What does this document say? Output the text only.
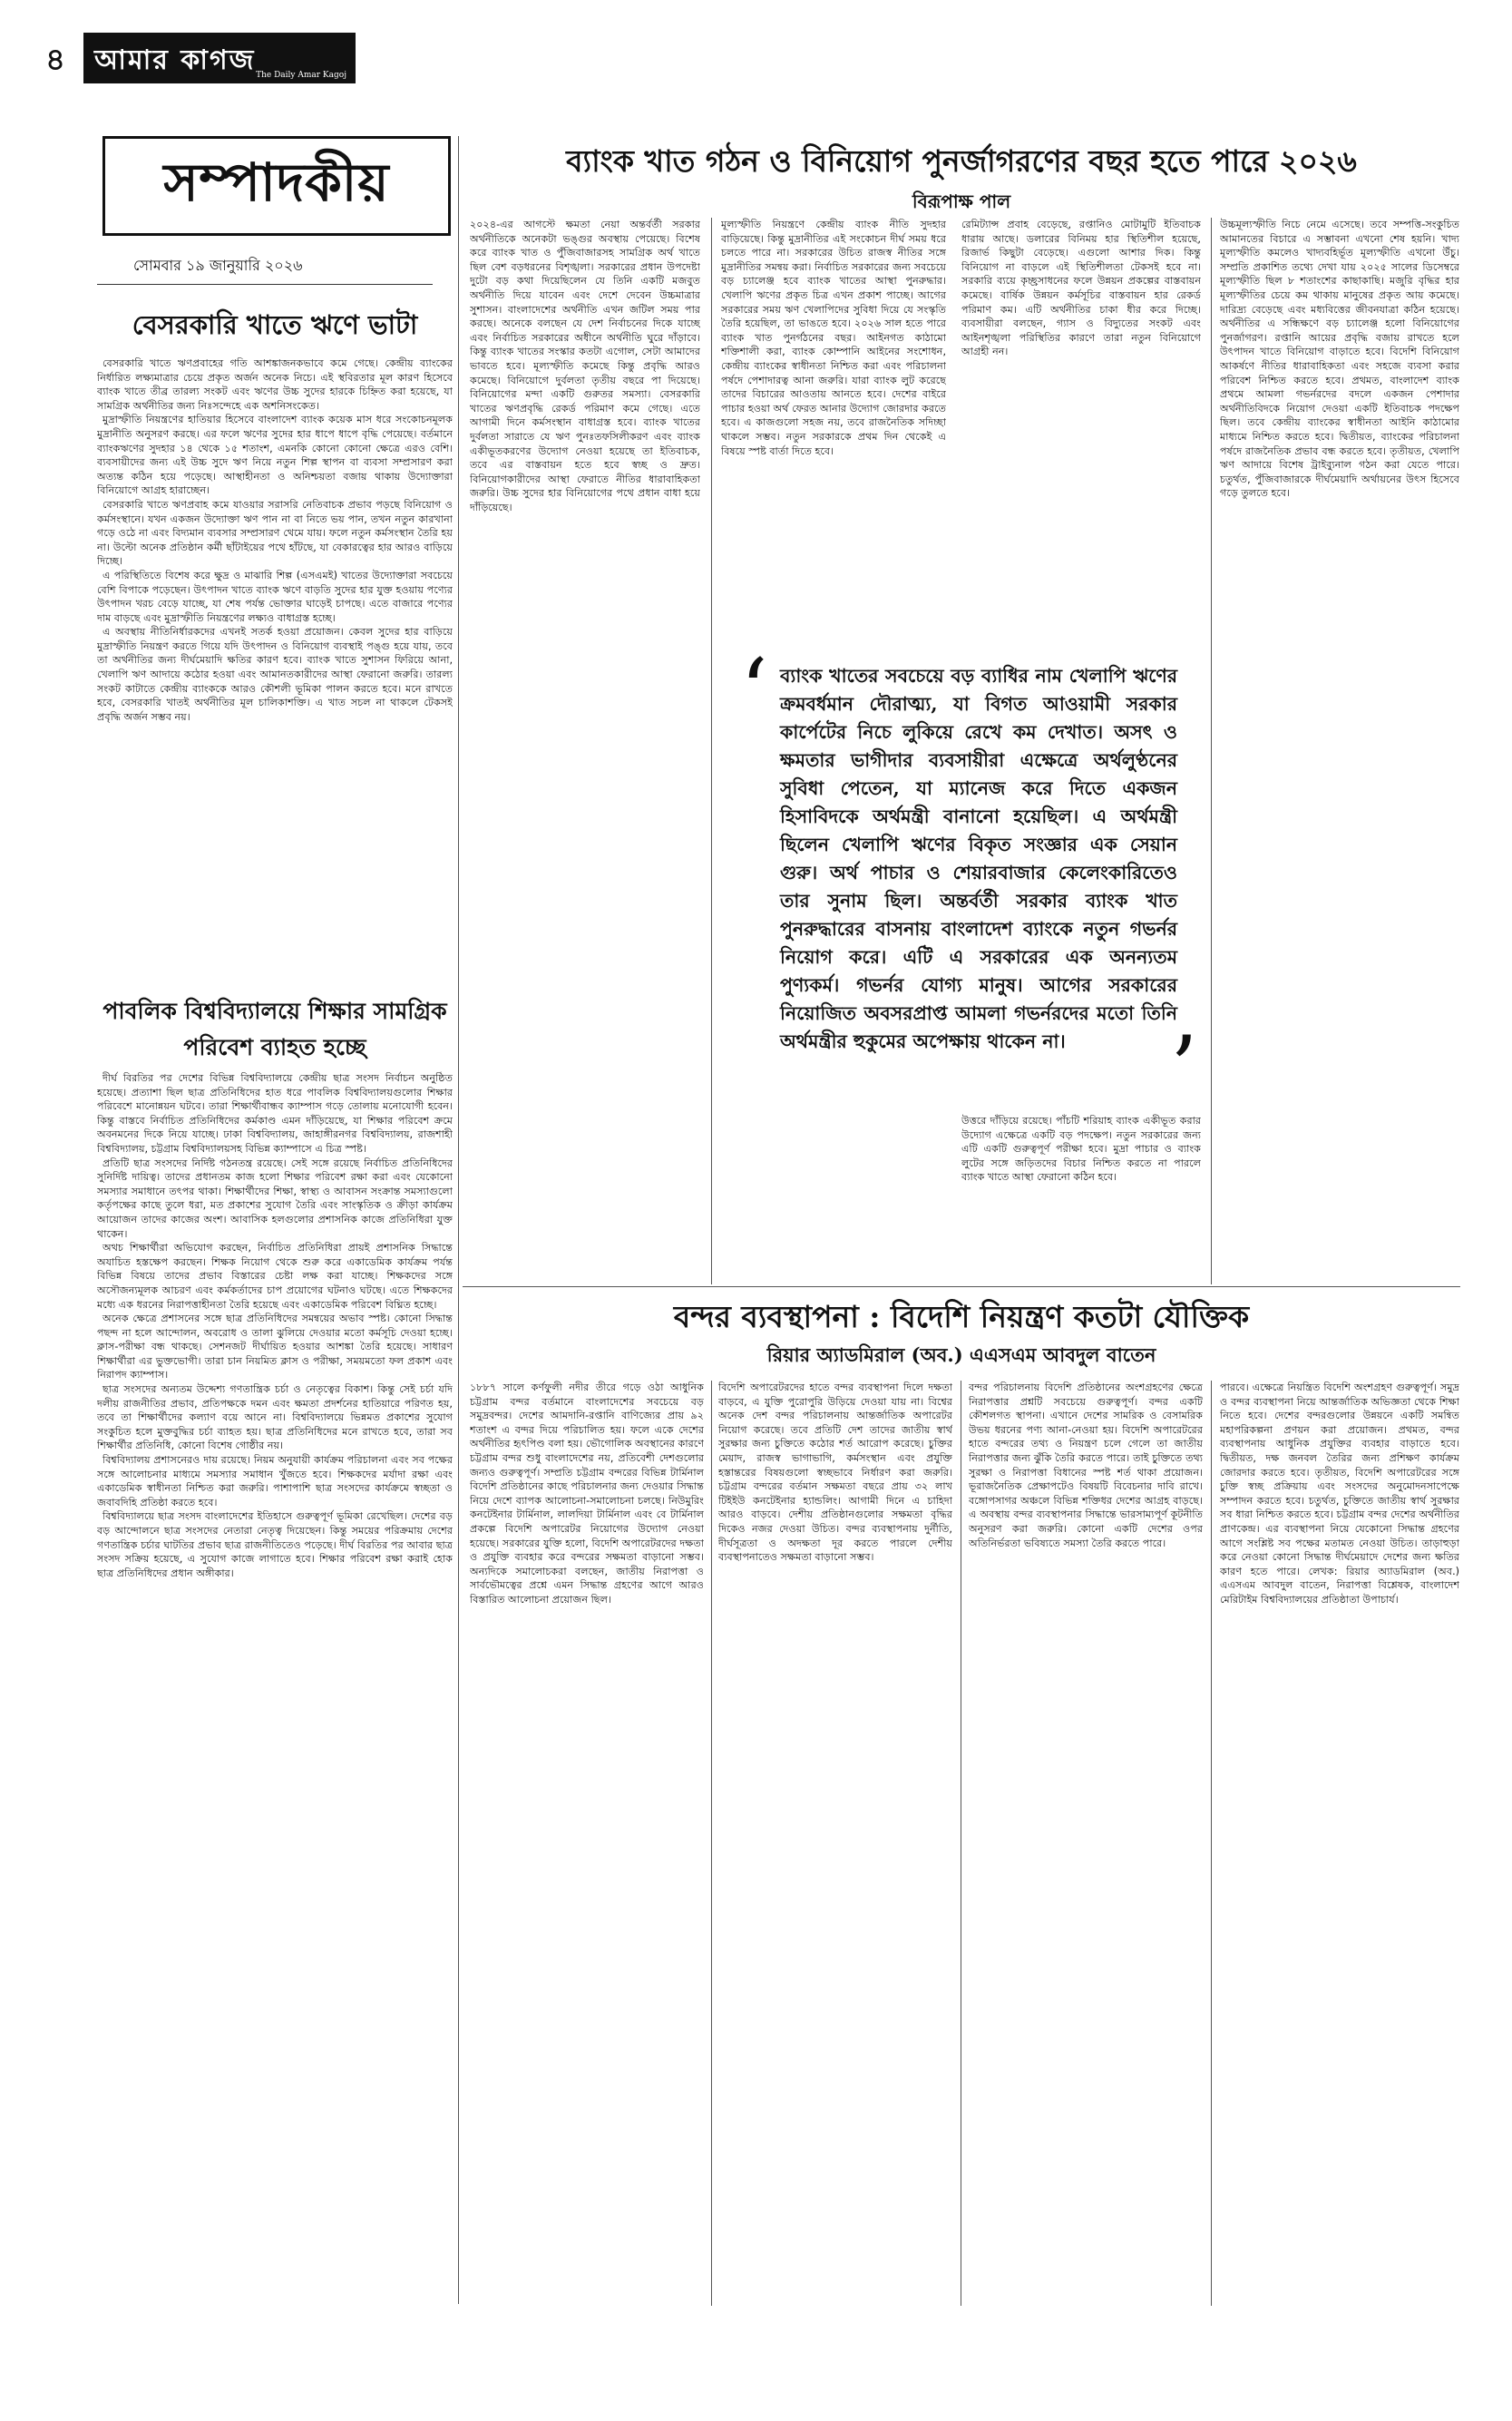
৪ আমার কাগজ The Daily Amar Kagoj
সম্পাদকীয়
সোমবার ১৯ জানুয়ারি ২০২৬
বেসরকারি খাতে ঋণে ভাটা

বেসরকারি খাতে ঋণপ্রবাহের গতি আশঙ্কাজনকভাবে কমে গেছে। কেন্দ্রীয় ব্যাংকের নির্ধারিত লক্ষ্যমাত্রার চেয়ে প্রকৃত অর্জন অনেক নিচে। এই স্থবিরতার মূল কারণ হিসেবে ব্যাংক খাতে তীব্র তারল্য সংকট এবং ঋণের উচ্চ সুদের হারকে চিহ্নিত করা হয়েছে, যা সামগ্রিক অর্থনীতির জন্য নিঃসন্দেহে এক অশনিসংকেত।

মুদ্রাস্ফীতি নিয়ন্ত্রণের হাতিয়ার হিসেবে বাংলাদেশ ব্যাংক কয়েক মাস ধরে সংকোচনমূলক মুদ্রানীতি অনুসরণ করছে। এর ফলে ঋণের সুদের হার ধাপে ধাপে বৃদ্ধি পেয়েছে। বর্তমানে ব্যাংকঋণের সুদহার ১৪ থেকে ১৫ শতাংশ, এমনকি কোনো কোনো ক্ষেত্রে এরও বেশি। ব্যবসায়ীদের জন্য এই উচ্চ সুদে ঋণ নিয়ে নতুন শিল্প স্থাপন বা ব্যবসা সম্প্রসারণ করা অত্যন্ত কঠিন হয়ে পড়েছে। আস্থাহীনতা ও অনিশ্চয়তা বজায় থাকায় উদ্যোক্তারা বিনিয়োগে আগ্রহ হারাচ্ছেন।

বেসরকারি খাতে ঋণপ্রবাহ কমে যাওয়ার সরাসরি নেতিবাচক প্রভাব পড়ছে বিনিয়োগ ও কর্মসংস্থানে। যখন একজন উদ্যোক্তা ঋণ পান না বা নিতে ভয় পান, তখন নতুন কারখানা গড়ে ওঠে না এবং বিদ্যমান ব্যবসার সম্প্রসারণ থেমে যায়। ফলে নতুন কর্মসংস্থান তৈরি হয় না। উল্টো অনেক প্রতিষ্ঠান কর্মী ছাঁটাইয়ের পথে হাঁটছে, যা বেকারত্বের হার আরও বাড়িয়ে দিচ্ছে।

এ পরিস্থিতিতে বিশেষ করে ক্ষুদ্র ও মাঝারি শিল্প (এসএমই) খাতের উদ্যোক্তারা সবচেয়ে বেশি বিপাকে পড়েছেন। উৎপাদন খাতে ব্যাংক ঋণে বাড়তি সুদের হার যুক্ত হওয়ায় পণ্যের উৎপাদন খরচ বেড়ে যাচ্ছে, যা শেষ পর্যন্ত ভোক্তার ঘাড়েই চাপছে। এতে বাজারে পণ্যের দাম বাড়ছে এবং মুদ্রাস্ফীতি নিয়ন্ত্রণের লক্ষ্যও বাধাগ্রস্ত হচ্ছে।

এ অবস্থায় নীতিনির্ধারকদের এখনই সতর্ক হওয়া প্রয়োজন। কেবল সুদের হার বাড়িয়ে মুদ্রাস্ফীতি নিয়ন্ত্রণ করতে গিয়ে যদি উৎপাদন ও বিনিয়োগ ব্যবস্থাই পঙ্গু হয়ে যায়, তবে তা অর্থনীতির জন্য দীর্ঘমেয়াদি ক্ষতির কারণ হবে। ব্যাংক খাতে সুশাসন ফিরিয়ে আনা, খেলাপি ঋণ আদায়ে কঠোর হওয়া এবং আমানতকারীদের আস্থা ফেরানো জরুরি। তারল্য সংকট কাটাতে কেন্দ্রীয় ব্যাংককে আরও কৌশলী ভূমিকা পালন করতে হবে। মনে রাখতে হবে, বেসরকারি খাতই অর্থনীতির মূল চালিকাশক্তি। এ খাত সচল না থাকলে টেকসই প্রবৃদ্ধি অর্জন সম্ভব নয়।

পাবলিক বিশ্ববিদ্যালয়ে শিক্ষার সামগ্রিক পরিবেশ ব্যাহত হচ্ছে

দীর্ঘ বিরতির পর দেশের বিভিন্ন বিশ্ববিদ্যালয়ে কেন্দ্রীয় ছাত্র সংসদ নির্বাচন অনুষ্ঠিত হয়েছে। প্রত্যাশা ছিল ছাত্র প্রতিনিধিদের হাত ধরে পাবলিক বিশ্ববিদ্যালয়গুলোর শিক্ষার পরিবেশে মানোন্নয়ন ঘটবে। তারা শিক্ষার্থীবান্ধব ক্যাম্পাস গড়ে তোলায় মনোযোগী হবেন। কিন্তু বাস্তবে নির্বাচিত প্রতিনিধিদের কর্মকাণ্ড এমন দাঁড়িয়েছে, যা শিক্ষার পরিবেশ ক্রমে অবনমনের দিকে নিয়ে যাচ্ছে। ঢাকা বিশ্ববিদ্যালয়, জাহাঙ্গীরনগর বিশ্ববিদ্যালয়, রাজশাহী বিশ্ববিদ্যালয়, চট্টগ্রাম বিশ্ববিদ্যালয়সহ বিভিন্ন ক্যাম্পাসে এ চিত্র স্পষ্ট।

প্রতিটি ছাত্র সংসদের নির্দিষ্ট গঠনতন্ত্র রয়েছে। সেই সঙ্গে রয়েছে নির্বাচিত প্রতিনিধিদের সুনির্দিষ্ট দায়িত্ব। তাদের প্রধানতম কাজ হলো শিক্ষার পরিবেশ রক্ষা করা এবং যেকোনো সমস্যার সমাধানে তৎপর থাকা। শিক্ষার্থীদের শিক্ষা, স্বাস্থ্য ও আবাসন সংক্রান্ত সমস্যাগুলো কর্তৃপক্ষের কাছে তুলে ধরা, মত প্রকাশের সুযোগ তৈরি এবং সাংস্কৃতিক ও ক্রীড়া কার্যক্রম আয়োজন তাদের কাজের অংশ। আবাসিক হলগুলোর প্রশাসনিক কাজে প্রতিনিধিরা যুক্ত থাকেন।

অথচ শিক্ষার্থীরা অভিযোগ করছেন, নির্বাচিত প্রতিনিধিরা প্রায়ই প্রশাসনিক সিদ্ধান্তে অযাচিত হস্তক্ষেপ করছেন। শিক্ষক নিয়োগ থেকে শুরু করে একাডেমিক কার্যক্রম পর্যন্ত বিভিন্ন বিষয়ে তাদের প্রভাব বিস্তারের চেষ্টা লক্ষ করা যাচ্ছে। শিক্ষকদের সঙ্গে অসৌজন্যমূলক আচরণ এবং কর্মকর্তাদের চাপ প্রয়োগের ঘটনাও ঘটছে। এতে শিক্ষকদের মধ্যে এক ধরনের নিরাপত্তাহীনতা তৈরি হয়েছে এবং একাডেমিক পরিবেশ বিঘ্নিত হচ্ছে।

অনেক ক্ষেত্রে প্রশাসনের সঙ্গে ছাত্র প্রতিনিধিদের সমন্বয়ের অভাব স্পষ্ট। কোনো সিদ্ধান্ত পছন্দ না হলে আন্দোলন, অবরোধ ও তালা ঝুলিয়ে দেওয়ার মতো কর্মসূচি দেওয়া হচ্ছে। ক্লাস-পরীক্ষা বন্ধ থাকছে। সেশনজট দীর্ঘায়িত হওয়ার আশঙ্কা তৈরি হয়েছে। সাধারণ শিক্ষার্থীরা এর ভুক্তভোগী। তারা চান নিয়মিত ক্লাস ও পরীক্ষা, সময়মতো ফল প্রকাশ এবং নিরাপদ ক্যাম্পাস।

ছাত্র সংসদের অন্যতম উদ্দেশ্য গণতান্ত্রিক চর্চা ও নেতৃত্বের বিকাশ। কিন্তু সেই চর্চা যদি দলীয় রাজনীতির প্রভাব, প্রতিপক্ষকে দমন এবং ক্ষমতা প্রদর্শনের হাতিয়ারে পরিণত হয়, তবে তা শিক্ষার্থীদের কল্যাণ বয়ে আনে না। বিশ্ববিদ্যালয়ে ভিন্নমত প্রকাশের সুযোগ সংকুচিত হলে মুক্তবুদ্ধির চর্চা ব্যাহত হয়। ছাত্র প্রতিনিধিদের মনে রাখতে হবে, তারা সব শিক্ষার্থীর প্রতিনিধি, কোনো বিশেষ গোষ্ঠীর নয়।

বিশ্ববিদ্যালয় প্রশাসনেরও দায় রয়েছে। নিয়ম অনুযায়ী কার্যক্রম পরিচালনা এবং সব পক্ষের সঙ্গে আলোচনার মাধ্যমে সমস্যার সমাধান খুঁজতে হবে। শিক্ষকদের মর্যাদা রক্ষা এবং একাডেমিক স্বাধীনতা নিশ্চিত করা জরুরি। পাশাপাশি ছাত্র সংসদের কার্যক্রমে স্বচ্ছতা ও জবাবদিহি প্রতিষ্ঠা করতে হবে।

বিশ্ববিদ্যালয়ে ছাত্র সংসদ বাংলাদেশের ইতিহাসে গুরুত্বপূর্ণ ভূমিকা রেখেছিল। দেশের বড় বড় আন্দোলনে ছাত্র সংসদের নেতারা নেতৃত্ব দিয়েছেন। কিন্তু সময়ের পরিক্রমায় দেশের গণতান্ত্রিক চর্চার ঘাটতির প্রভাব ছাত্র রাজনীতিতেও পড়েছে। দীর্ঘ বিরতির পর আবার ছাত্র সংসদ সক্রিয় হয়েছে, এ সুযোগ কাজে লাগাতে হবে। শিক্ষার পরিবেশ রক্ষা করাই হোক ছাত্র প্রতিনিধিদের প্রধান অঙ্গীকার।

ব্যাংক খাত গঠন ও বিনিয়োগ পুনর্জাগরণের বছর হতে পারে ২০২৬
বিরূপাক্ষ পাল
২০২৪-এর আগস্টে ক্ষমতা নেয়া অন্তর্বর্তী সরকার অর্থনীতিকে অনেকটা ভঙ্গুর অবস্থায় পেয়েছে। বিশেষ করে ব্যাংক খাত ও পুঁজিবাজারসহ সামগ্রিক অর্থ খাতে ছিল বেশ বড়ধরনের বিশৃঙ্খলা। সরকারের প্রধান উপদেষ্টা দুটো বড় কথা দিয়েছিলেন যে তিনি একটি মজবুত অর্থনীতি দিয়ে যাবেন এবং দেশে দেবেন উচ্চমাত্রার সুশাসন। বাংলাদেশের অর্থনীতি এখন জটিল সময় পার করছে। অনেকে বলছেন যে দেশ নির্বাচনের দিকে যাচ্ছে এবং নির্বাচিত সরকারের অধীনে অর্থনীতি ঘুরে দাঁড়াবে। কিন্তু ব্যাংক খাতের সংস্কার কতটা এগোল, সেটা আমাদের ভাবতে হবে। মূল্যস্ফীতি কমেছে কিন্তু প্রবৃদ্ধি আরও কমেছে। বিনিয়োগে দুর্বলতা তৃতীয় বছরে পা দিয়েছে। বিনিয়োগের মন্দা একটি গুরুতর সমস্যা। বেসরকারি খাতের ঋণপ্রবৃদ্ধি রেকর্ড পরিমাণ কমে গেছে। এতে আগামী দিনে কর্মসংস্থান বাধাগ্রস্ত হবে। ব্যাংক খাতের দুর্বলতা সারাতে যে ঋণ পুনঃতফসিলীকরণ এবং ব্যাংক একীভূতকরণের উদ্যোগ নেওয়া হয়েছে তা ইতিবাচক, তবে এর বাস্তবায়ন হতে হবে স্বচ্ছ ও দ্রুত। বিনিয়োগকারীদের আস্থা ফেরাতে নীতির ধারাবাহিকতা জরুরি। উচ্চ সুদের হার বিনিয়োগের পথে প্রধান বাধা হয়ে দাঁড়িয়েছে।
মূল্যস্ফীতি নিয়ন্ত্রণে কেন্দ্রীয় ব্যাংক নীতি সুদহার বাড়িয়েছে। কিন্তু মুদ্রানীতির এই সংকোচন দীর্ঘ সময় ধরে চলতে পারে না। সরকারের উচিত রাজস্ব নীতির সঙ্গে মুদ্রানীতির সমন্বয় করা। নির্বাচিত সরকারের জন্য সবচেয়ে বড় চ্যালেঞ্জ হবে ব্যাংক খাতের আস্থা পুনরুদ্ধার। খেলাপি ঋণের প্রকৃত চিত্র এখন প্রকাশ পাচ্ছে। আগের সরকারের সময় ঋণ খেলাপিদের সুবিধা দিয়ে যে সংস্কৃতি তৈরি হয়েছিল, তা ভাঙতে হবে। ২০২৬ সাল হতে পারে ব্যাংক খাত পুনর্গঠনের বছর। আইনগত কাঠামো শক্তিশালী করা, ব্যাংক কোম্পানি আইনের সংশোধন, কেন্দ্রীয় ব্যাংকের স্বাধীনতা নিশ্চিত করা এবং পরিচালনা পর্ষদে পেশাদারত্ব আনা জরুরি। যারা ব্যাংক লুট করেছে তাদের বিচারের আওতায় আনতে হবে। দেশের বাইরে পাচার হওয়া অর্থ ফেরত আনার উদ্যোগ জোরদার করতে হবে। এ কাজগুলো সহজ নয়, তবে রাজনৈতিক সদিচ্ছা থাকলে সম্ভব। নতুন সরকারকে প্রথম দিন থেকেই এ বিষয়ে স্পষ্ট বার্তা দিতে হবে।
রেমিট্যান্স প্রবাহ বেড়েছে, রপ্তানিও মোটামুটি ইতিবাচক ধারায় আছে। ডলারের বিনিময় হার স্থিতিশীল হয়েছে, রিজার্ভ কিছুটা বেড়েছে। এগুলো আশার দিক। কিন্তু বিনিয়োগ না বাড়লে এই স্থিতিশীলতা টেকসই হবে না। সরকারি ব্যয়ে কৃচ্ছ্রসাধনের ফলে উন্নয়ন প্রকল্পের বাস্তবায়ন কমেছে। বার্ষিক উন্নয়ন কর্মসূচির বাস্তবায়ন হার রেকর্ড পরিমাণ কম। এটি অর্থনীতির চাকা ধীর করে দিচ্ছে। ব্যবসায়ীরা বলছেন, গ্যাস ও বিদ্যুতের সংকট এবং আইনশৃঙ্খলা পরিস্থিতির কারণে তারা নতুন বিনিয়োগে আগ্রহী নন।
উত্তরে দাঁড়িয়ে রয়েছে। পাঁচটি শরিয়াহ ব্যাংক একীভূত করার উদ্যোগ এক্ষেত্রে একটি বড় পদক্ষেপ। নতুন সরকারের জন্য এটি একটি গুরুত্বপূর্ণ পরীক্ষা হবে। মুদ্রা পাচার ও ব্যাংক লুটের সঙ্গে জড়িতদের বিচার নিশ্চিত করতে না পারলে ব্যাংক খাতে আস্থা ফেরানো কঠিন হবে।
উচ্চমূল্যস্ফীতি নিচে নেমে এসেছে। তবে সম্পত্তি-সংকুচিত আমানতের বিচারে এ সম্ভাবনা এখনো শেষ হয়নি। খাদ্য মূল্যস্ফীতি কমলেও খাদ্যবহির্ভূত মূল্যস্ফীতি এখনো উঁচু। সম্প্রতি প্রকাশিত তথ্যে দেখা যায় ২০২৫ সালের ডিসেম্বরে মূল্যস্ফীতি ছিল ৮ শতাংশের কাছাকাছি। মজুরি বৃদ্ধির হার মূল্যস্ফীতির চেয়ে কম থাকায় মানুষের প্রকৃত আয় কমেছে। দারিদ্র্য বেড়েছে এবং মধ্যবিত্তের জীবনযাত্রা কঠিন হয়েছে। অর্থনীতির এ সন্ধিক্ষণে বড় চ্যালেঞ্জ হলো বিনিয়োগের পুনর্জাগরণ। রপ্তানি আয়ের প্রবৃদ্ধি বজায় রাখতে হলে উৎপাদন খাতে বিনিয়োগ বাড়াতে হবে। বিদেশি বিনিয়োগ আকর্ষণে নীতির ধারাবাহিকতা এবং সহজে ব্যবসা করার পরিবেশ নিশ্চিত করতে হবে। প্রথমত, বাংলাদেশ ব্যাংক প্রথমে আমলা গভর্নরদের বদলে একজন পেশাদার অর্থনীতিবিদকে নিয়োগ দেওয়া একটি ইতিবাচক পদক্ষেপ ছিল। তবে কেন্দ্রীয় ব্যাংকের স্বাধীনতা আইনি কাঠামোর মাধ্যমে নিশ্চিত করতে হবে। দ্বিতীয়ত, ব্যাংকের পরিচালনা পর্ষদে রাজনৈতিক প্রভাব বন্ধ করতে হবে। তৃতীয়ত, খেলাপি ঋণ আদায়ে বিশেষ ট্রাইব্যুনাল গঠন করা যেতে পারে। চতুর্থত, পুঁজিবাজারকে দীর্ঘমেয়াদি অর্থায়নের উৎস হিসেবে গড়ে তুলতে হবে।
‘ ব্যাংক খাতের সবচেয়ে বড় ব্যাধির নাম খেলাপি ঋণের ক্রমবর্ধমান দৌরাত্ম্য, যা বিগত আওয়ামী সরকার কার্পেটের নিচে লুকিয়ে রেখে কম দেখাত। অসৎ ও ক্ষমতার ভাগীদার ব্যবসায়ীরা এক্ষেত্রে অর্থলুণ্ঠনের সুবিধা পেতেন, যা ম্যানেজ করে দিতে একজন হিসাবিদকে অর্থমন্ত্রী বানানো হয়েছিল। এ অর্থমন্ত্রী ছিলেন খেলাপি ঋণের বিকৃত সংজ্ঞার এক সেয়ান গুরু। অর্থ পাচার ও শেয়ারবাজার কেলেংকারিতেও তার সুনাম ছিল। অন্তর্বর্তী সরকার ব্যাংক খাত পুনরুদ্ধারের বাসনায় বাংলাদেশ ব্যাংকে নতুন গভর্নর নিয়োগ করে। এটি এ সরকারের এক অনন্যতম পুণ্যকর্ম। গভর্নর যোগ্য মানুষ। আগের সরকারের নিয়োজিত অবসরপ্রাপ্ত আমলা গভর্নরদের মতো তিনি অর্থমন্ত্রীর হুকুমের অপেক্ষায় থাকেন না।	’
বন্দর ব্যবস্থাপনা : বিদেশি নিয়ন্ত্রণ কতটা যৌক্তিক
রিয়ার অ্যাডমিরাল (অব.) এএসএম আবদুল বাতেন
১৮৮৭ সালে কর্ণফুলী নদীর তীরে গড়ে ওঠা আধুনিক চট্টগ্রাম বন্দর বর্তমানে বাংলাদেশের সবচেয়ে বড় সমুদ্রবন্দর। দেশের আমদানি-রপ্তানি বাণিজ্যের প্রায় ৯২ শতাংশ এ বন্দর দিয়ে পরিচালিত হয়। ফলে একে দেশের অর্থনীতির হৃৎপিণ্ড বলা হয়। ভৌগোলিক অবস্থানের কারণে চট্টগ্রাম বন্দর শুধু বাংলাদেশের নয়, প্রতিবেশী দেশগুলোর জন্যও গুরুত্বপূর্ণ। সম্প্রতি চট্টগ্রাম বন্দরের বিভিন্ন টার্মিনাল বিদেশি প্রতিষ্ঠানের কাছে পরিচালনার জন্য দেওয়ার সিদ্ধান্ত নিয়ে দেশে ব্যাপক আলোচনা-সমালোচনা চলছে। নিউমুরিং কনটেইনার টার্মিনাল, লালদিয়া টার্মিনাল এবং বে টার্মিনাল প্রকল্পে বিদেশি অপারেটর নিয়োগের উদ্যোগ নেওয়া হয়েছে। সরকারের যুক্তি হলো, বিদেশি অপারেটরদের দক্ষতা ও প্রযুক্তি ব্যবহার করে বন্দরের সক্ষমতা বাড়ানো সম্ভব। অন্যদিকে সমালোচকরা বলছেন, জাতীয় নিরাপত্তা ও সার্বভৌমত্বের প্রশ্নে এমন সিদ্ধান্ত গ্রহণের আগে আরও বিস্তারিত আলোচনা প্রয়োজন ছিল।
বিদেশি অপারেটরদের হাতে বন্দর ব্যবস্থাপনা দিলে দক্ষতা বাড়বে, এ যুক্তি পুরোপুরি উড়িয়ে দেওয়া যায় না। বিশ্বের অনেক দেশ বন্দর পরিচালনায় আন্তর্জাতিক অপারেটর নিয়োগ করেছে। তবে প্রতিটি দেশ তাদের জাতীয় স্বার্থ সুরক্ষার জন্য চুক্তিতে কঠোর শর্ত আরোপ করেছে। চুক্তির মেয়াদ, রাজস্ব ভাগাভাগি, কর্মসংস্থান এবং প্রযুক্তি হস্তান্তরের বিষয়গুলো স্বচ্ছভাবে নির্ধারণ করা জরুরি। চট্টগ্রাম বন্দরের বর্তমান সক্ষমতা বছরে প্রায় ৩২ লাখ টিইইউ কনটেইনার হ্যান্ডলিং। আগামী দিনে এ চাহিদা আরও বাড়বে। দেশীয় প্রতিষ্ঠানগুলোর সক্ষমতা বৃদ্ধির দিকেও নজর দেওয়া উচিত। বন্দর ব্যবস্থাপনায় দুর্নীতি, দীর্ঘসূত্রতা ও অদক্ষতা দূর করতে পারলে দেশীয় ব্যবস্থাপনাতেও সক্ষমতা বাড়ানো সম্ভব।
বন্দর পরিচালনায় বিদেশি প্রতিষ্ঠানের অংশগ্রহণের ক্ষেত্রে নিরাপত্তার প্রশ্নটি সবচেয়ে গুরুত্বপূর্ণ। বন্দর একটি কৌশলগত স্থাপনা। এখানে দেশের সামরিক ও বেসামরিক উভয় ধরনের পণ্য আনা-নেওয়া হয়। বিদেশি অপারেটরের হাতে বন্দরের তথ্য ও নিয়ন্ত্রণ চলে গেলে তা জাতীয় নিরাপত্তার জন্য ঝুঁকি তৈরি করতে পারে। তাই চুক্তিতে তথ্য সুরক্ষা ও নিরাপত্তা বিধানের স্পষ্ট শর্ত থাকা প্রয়োজন। ভূরাজনৈতিক প্রেক্ষাপটেও বিষয়টি বিবেচনার দাবি রাখে। বঙ্গোপসাগর অঞ্চলে বিভিন্ন শক্তিধর দেশের আগ্রহ বাড়ছে। এ অবস্থায় বন্দর ব্যবস্থাপনার সিদ্ধান্তে ভারসাম্যপূর্ণ কূটনীতি অনুসরণ করা জরুরি। কোনো একটি দেশের ওপর অতিনির্ভরতা ভবিষ্যতে সমস্যা তৈরি করতে পারে।
পারবে। এক্ষেত্রে নিয়ন্ত্রিত বিদেশি অংশগ্রহণ গুরুত্বপূর্ণ। সমুদ্র ও বন্দর ব্যবস্থাপনা নিয়ে আন্তর্জাতিক অভিজ্ঞতা থেকে শিক্ষা নিতে হবে। দেশের বন্দরগুলোর উন্নয়নে একটি সমন্বিত মহাপরিকল্পনা প্রণয়ন করা প্রয়োজন। প্রথমত, বন্দর ব্যবস্থাপনায় আধুনিক প্রযুক্তির ব্যবহার বাড়াতে হবে। দ্বিতীয়ত, দক্ষ জনবল তৈরির জন্য প্রশিক্ষণ কার্যক্রম জোরদার করতে হবে। তৃতীয়ত, বিদেশি অপারেটরের সঙ্গে চুক্তি স্বচ্ছ প্রক্রিয়ায় এবং সংসদের অনুমোদনসাপেক্ষে সম্পাদন করতে হবে। চতুর্থত, চুক্তিতে জাতীয় স্বার্থ সুরক্ষার সব ধারা নিশ্চিত করতে হবে। চট্টগ্রাম বন্দর দেশের অর্থনীতির প্রাণকেন্দ্র। এর ব্যবস্থাপনা নিয়ে যেকোনো সিদ্ধান্ত গ্রহণের আগে সংশ্লিষ্ট সব পক্ষের মতামত নেওয়া উচিত। তাড়াহুড়া করে নেওয়া কোনো সিদ্ধান্ত দীর্ঘমেয়াদে দেশের জন্য ক্ষতির কারণ হতে পারে। লেখক: রিয়ার অ্যাডমিরাল (অব.) এএসএম আবদুল বাতেন, নিরাপত্তা বিশ্লেষক, বাংলাদেশ মেরিটাইম বিশ্ববিদ্যালয়ের প্রতিষ্ঠাতা উপাচার্য।
